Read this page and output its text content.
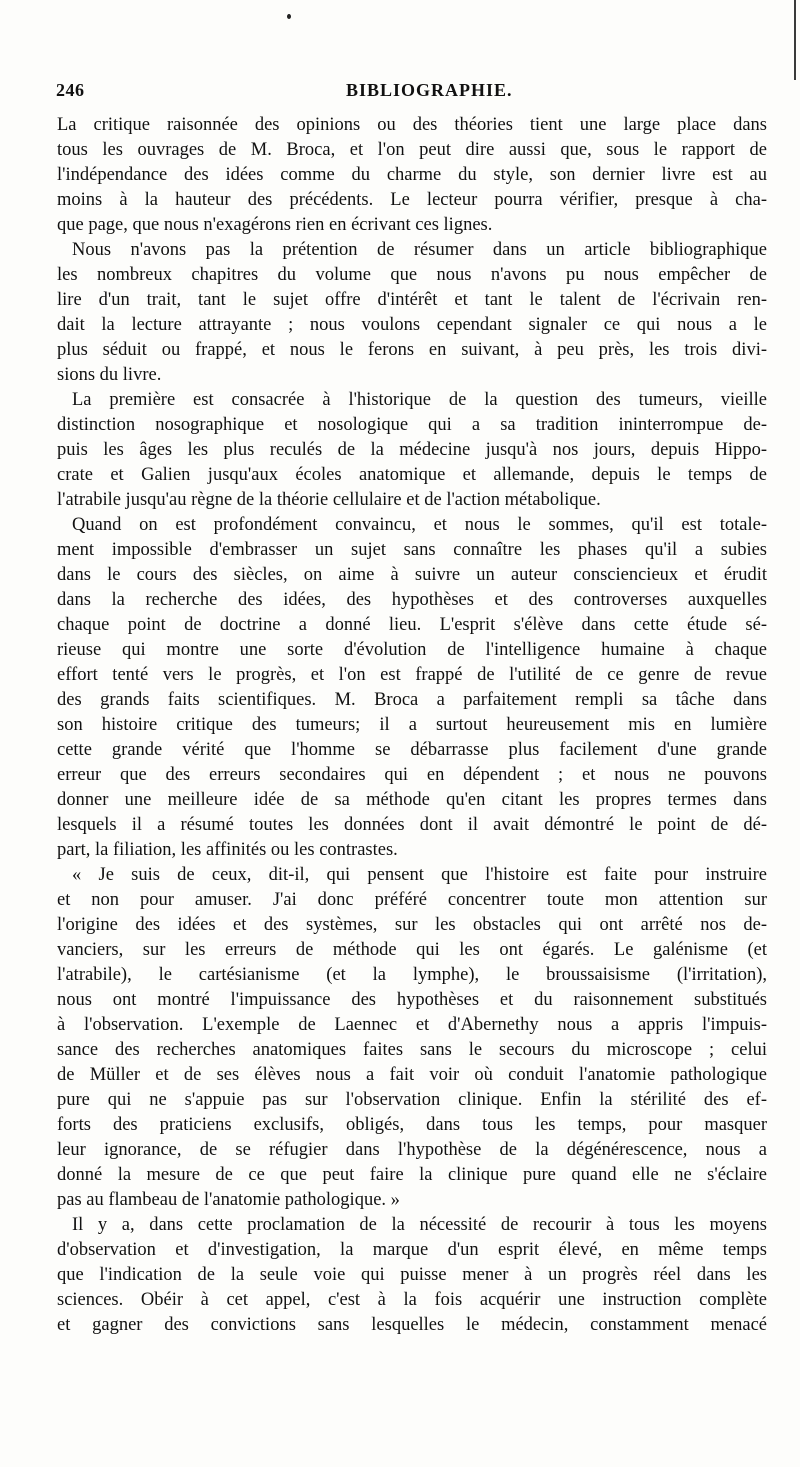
246	BIBLIOGRAPHIE.
La critique raisonnée des opinions ou des théories tient une large place dans
tous les ouvrages de M. Broca, et l'on peut dire aussi que, sous le rapport de
l'indépendance des idées comme du charme du style, son dernier livre est au
moins à la hauteur des précédents. Le lecteur pourra vérifier, presque à cha-
que page, que nous n'exagérons rien en écrivant ces lignes.
Nous n'avons pas la prétention de résumer dans un article bibliographique
les nombreux chapitres du volume que nous n'avons pu nous empêcher de
lire d'un trait, tant le sujet offre d'intérêt et tant le talent de l'écrivain ren-
dait la lecture attrayante ; nous voulons cependant signaler ce qui nous a le
plus séduit ou frappé, et nous le ferons en suivant, à peu près, les trois divi-
sions du livre.
La première est consacrée à l'historique de la question des tumeurs, vieille
distinction nosographique et nosologique qui a sa tradition ininterrompue de-
puis les âges les plus reculés de la médecine jusqu'à nos jours, depuis Hippo-
crate et Galien jusqu'aux écoles anatomique et allemande, depuis le temps de
l'atrabile jusqu'au règne de la théorie cellulaire et de l'action métabolique.
Quand on est profondément convaincu, et nous le sommes, qu'il est totale-
ment impossible d'embrasser un sujet sans connaître les phases qu'il a subies
dans le cours des siècles, on aime à suivre un auteur consciencieux et érudit
dans la recherche des idées, des hypothèses et des controverses auxquelles
chaque point de doctrine a donné lieu. L'esprit s'élève dans cette étude sé-
rieuse qui montre une sorte d'évolution de l'intelligence humaine à chaque
effort tenté vers le progrès, et l'on est frappé de l'utilité de ce genre de revue
des grands faits scientifiques. M. Broca a parfaitement rempli sa tâche dans
son histoire critique des tumeurs; il a surtout heureusement mis en lumière
cette grande vérité que l'homme se débarrasse plus facilement d'une grande
erreur que des erreurs secondaires qui en dépendent ; et nous ne pouvons
donner une meilleure idée de sa méthode qu'en citant les propres termes dans
lesquels il a résumé toutes les données dont il avait démontré le point de dé-
part, la filiation, les affinités ou les contrastes.
« Je suis de ceux, dit-il, qui pensent que l'histoire est faite pour instruire
et non pour amuser. J'ai donc préféré concentrer toute mon attention sur
l'origine des idées et des systèmes, sur les obstacles qui ont arrêté nos de-
vanciers, sur les erreurs de méthode qui les ont égarés. Le galénisme (et
l'atrabile), le cartésianisme (et la lymphe), le broussaisisme (l'irritation),
nous ont montré l'impuissance des hypothèses et du raisonnement substitués
à l'observation. L'exemple de Laennec et d'Abernethy nous a appris l'impuis-
sance des recherches anatomiques faites sans le secours du microscope ; celui
de Müller et de ses élèves nous a fait voir où conduit l'anatomie pathologique
pure qui ne s'appuie pas sur l'observation clinique. Enfin la stérilité des ef-
forts des praticiens exclusifs, obligés, dans tous les temps, pour masquer
leur ignorance, de se réfugier dans l'hypothèse de la dégénérescence, nous a
donné la mesure de ce que peut faire la clinique pure quand elle ne s'éclaire
pas au flambeau de l'anatomie pathologique. »
Il y a, dans cette proclamation de la nécessité de recourir à tous les moyens
d'observation et d'investigation, la marque d'un esprit élevé, en même temps
que l'indication de la seule voie qui puisse mener à un progrès réel dans les
sciences. Obéir à cet appel, c'est à la fois acquérir une instruction complète
et gagner des convictions sans lesquelles le médecin, constamment menacé
